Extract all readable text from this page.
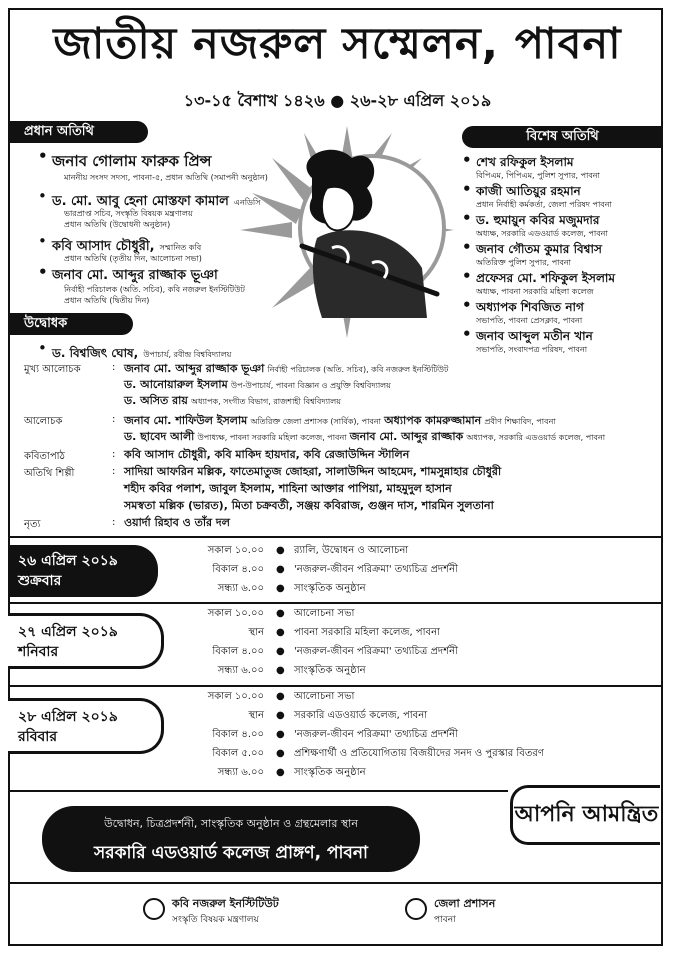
জাতীয় নজরুল সম্মেলন, পাবনা
১৩-১৫ বৈশাখ ১৪২৬ ● ২৬-২৮ এপ্রিল ২০১৯
প্রধান অতিথি
• জনাব গোলাম ফারুক প্রিন্স
মাননীয় সংসদ সদস্য, পাবনা-৫, প্রধান অতিথি (সমাপনী অনুষ্ঠান)
• ড. মো. আবু হেনা মোস্তফা কামাল এনডিসি
ভারপ্রাপ্ত সচিব, সংস্কৃতি বিষয়ক মন্ত্রণালয়
প্রধান অতিথি (উদ্বোধনী অনুষ্ঠান)
• কবি আসাদ চৌধুরী, সম্মানিত কবি
প্রধান অতিথি (তৃতীয় দিন, আলোচনা সভা)
• জনাব মো. আব্দুর রাজ্জাক ভূঞা
নির্বাহী পরিচালক (অতি. সচিব), কবি নজরুল ইনস্টিটিউট
প্রধান অতিথি (দ্বিতীয় দিন)
বিশেষ অতিথি
• শেখ রফিকুল ইসলাম
বিপিএম, পিপিএম, পুলিশ সুপার, পাবনা
• কাজী আতিয়ুর রহমান
প্রধান নির্বাহী কর্মকর্তা, জেলা পরিষদ পাবনা
• ড. হুমায়ুন কবির মজুমদার
অধ্যক্ষ, সরকারি এডওয়ার্ড কলেজ, পাবনা
• জনাব গৌতম কুমার বিশ্বাস
অতিরিক্ত পুলিশ সুপার, পাবনা
• প্রফেসর মো. শফিকুল ইসলাম
অধ্যক্ষ, পাবনা সরকারি মহিলা কলেজ
• অধ্যাপক শিবজিত নাগ
সভাপতি, পাবনা প্রেসক্লাব, পাবনা
• জনাব আব্দুল মতীন খান
সভাপতি, সংবাদপত্র পরিষদ, পাবনা
উদ্বোধক
• ড. বিশ্বজিৎ ঘোষ, উপাচার্য, রবীন্দ্র বিশ্ববিদ্যালয়
মুখ্য আলোচক	: জনাব মো. আব্দুর রাজ্জাক ভূঞা নির্বাহী পরিচালক (অতি. সচিব), কবি নজরুল ইনস্টিটিউট
ড. আনোয়ারুল ইসলাম উপ-উপাচার্য, পাবনা বিজ্ঞান ও প্রযুক্তি বিশ্ববিদ্যালয়
ড. অসিত রায় অধ্যাপক, সংগীত বিভাগ, রাজশাহী বিশ্ববিদ্যালয়
আলোচক	: জনাব মো. শাফিউল ইসলাম অতিরিক্ত জেলা প্রশাসক (সার্বিক), পাবনা অধ্যাপক কামরুজ্জামান প্রবীণ শিক্ষাবিদ, পাবনা
ড. ছাবেদ আলী উপাধ্যক্ষ, পাবনা সরকারি মহিলা কলেজ, পাবনা জনাব মো. আব্দুর রাজ্জাক অধ্যাপক, সরকারি এডওয়ার্ড কলেজ, পাবনা
কবিতাপাঠ	: কবি আসাদ চৌধুরী, কবি মাকিদ হায়দার, কবি রেজাউদ্দিন স্টালিন
অতিথি শিল্পী	: সাদিয়া আফরিন মল্লিক, ফাতেমাতুজ জোহরা, সালাউদ্দিন আহমেদ, শামসুন্নাহার চৌধুরী
শহীদ কবির পলাশ, জাবুল ইসলাম, শাহিনা আক্তার পাপিয়া, মাহমুদুল হাসান
সমস্বতা মল্লিক (ভারত), মিতা চক্রবর্তী, সঞ্জয় কবিরাজ, গুঞ্জন দাস, শারমিন সুলতানা
নৃত্য	: ওয়ার্দা রিহাব ও তাঁর দল
২৬ এপ্রিল ২০১৯
শুক্রবার
সকাল ১০.০০ ● র‍্যালি, উদ্বোধন ও আলোচনা
বিকাল ৪.০০ ● 'নজরুল-জীবন পরিক্রমা' তথ্যচিত্র প্রদর্শনী
সন্ধ্যা ৬.০০ ● সাংস্কৃতিক অনুষ্ঠান
২৭ এপ্রিল ২০১৯
শনিবার
সকাল ১০.০০ ● আলোচনা সভা
স্থান ● পাবনা সরকারি মহিলা কলেজ, পাবনা
বিকাল ৪.০০ ● 'নজরুল-জীবন পরিক্রমা' তথ্যচিত্র প্রদর্শনী
সন্ধ্যা ৬.০০ ● সাংস্কৃতিক অনুষ্ঠান
২৮ এপ্রিল ২০১৯
রবিবার
সকাল ১০.০০ ● আলোচনা সভা
স্থান ● সরকারি এডওয়ার্ড কলেজ, পাবনা
বিকাল ৪.০০ ● 'নজরুল-জীবন পরিক্রমা' তথ্যচিত্র প্রদর্শনী
বিকাল ৫.০০ ● প্রশিক্ষণার্থী ও প্রতিযোগিতায় বিজয়ীদের সনদ ও পুরস্কার বিতরণ
সন্ধ্যা ৬.০০ ● সাংস্কৃতিক অনুষ্ঠান
আপনি আমন্ত্রিত
উদ্বোধন, চিত্রপ্রদর্শনী, সাংস্কৃতিক অনুষ্ঠান ও গ্রন্থমেলার স্থান
সরকারি এডওয়ার্ড কলেজ প্রাঙ্গণ, পাবনা
কবি নজরুল ইনস্টিটিউট
সংস্কৃতি বিষয়ক মন্ত্রণালয়
জেলা প্রশাসন
পাবনা
